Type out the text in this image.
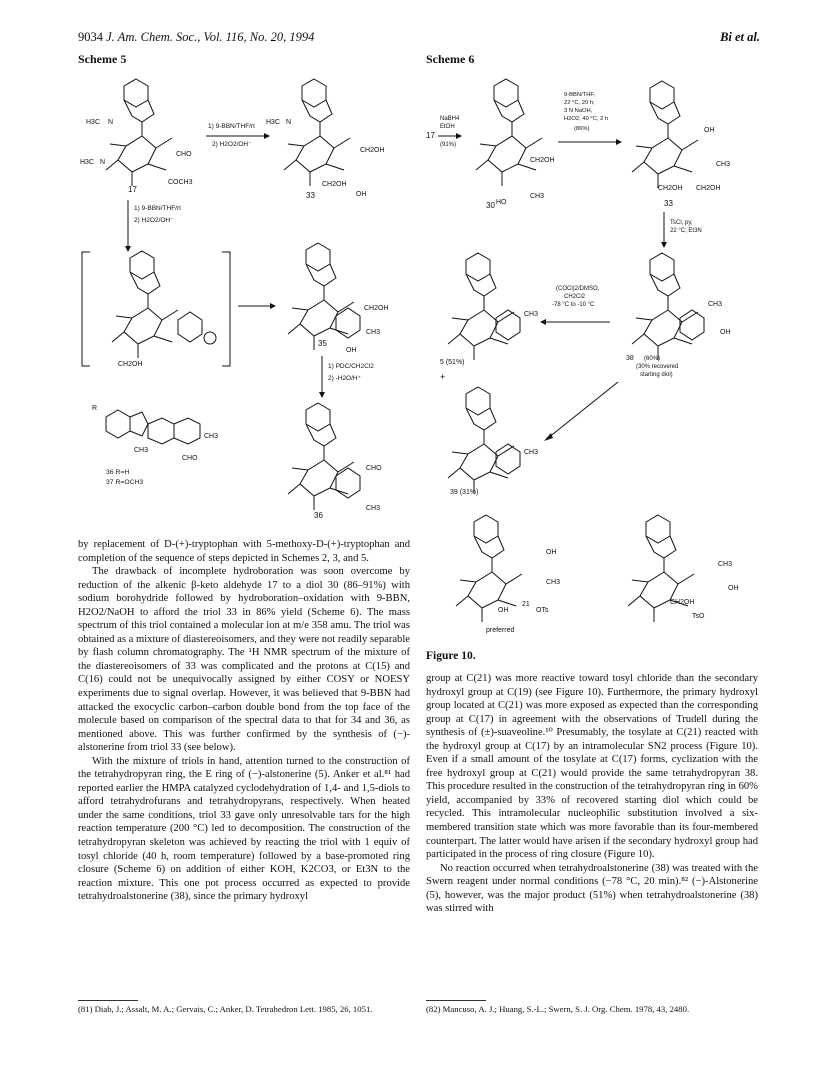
9034 J. Am. Chem. Soc., Vol. 116, No. 20, 1994	Bi et al.
Scheme 5	Scheme 6
H3C N
H3C N
CHO
COCH3
17
1) 9-BBN/THF/rt
2) H2O2/OH⁻
H3C N
CH2OH
CH2OH
OH
33
1) 9-BBN/THF/rt
2) H2O2/OH⁻
CH2OH
CH2OH
CH3
OH
35
1) PDC/CH2Cl2
2) -H2O/H⁺
R
CH3
CH3
CHO
36 R=H
37 R=OCH3
CHO
CH3
36
17
NaBH4
EtOH
(91%)
CH2OH
CH3
HO
30
9-BBN/THF,
22 °C, 20 h;
3 N NaOH,
H2O2, 40 °C, 2 h
(86%)	OH
CH3
CH2OH CH2OH
33
TsCl, py,
22 °C; Et3N
CH3
OH
38 (60%)
(30% recovered
starting diol)
(COCl)2/DMSO,
CH2Cl2
-78 °C to -10 °C
CH3
5 (51%)
+
CH3
39 (31%)
OH
CH3
21
OTs
OH
preferred
CH3
OH
CH2OH
TsO
Figure 10.

by replacement of D-(+)-tryptophan with 5-methoxy-D-(+)-tryptophan and completion of the sequence of steps depicted in Schemes 2, 3, and 5.

The drawback of incomplete hydroboration was soon overcome by reduction of the alkenic β-keto aldehyde 17 to a diol 30 (86–91%) with sodium borohydride followed by hydroboration–oxidation with 9-BBN, H2O2/NaOH to afford the triol 33 in 86% yield (Scheme 6). The mass spectrum of this triol contained a molecular ion at m/e 358 amu. The triol was obtained as a mixture of diastereoisomers, and they were not readily separable by flash column chromatography. The ¹H NMR spectrum of the mixture of the diastereoisomers of 33 was complicated and the protons at C(15) and C(16) could not be unequivocally assigned by either COSY or NOESY experiments due to signal overlap. However, it was believed that 9-BBN had attacked the exocyclic carbon–carbon double bond from the top face of the molecule based on comparison of the spectral data to that for 34 and 36, as mentioned above. This was further confirmed by the synthesis of (−)-alstonerine from triol 33 (see below).

With the mixture of triols in hand, attention turned to the construction of the tetrahydropyran ring, the E ring of (−)-alstonerine (5). Anker et al.⁸¹ had reported earlier the HMPA catalyzed cyclodehydration of 1,4- and 1,5-diols to afford tetrahydrofurans and tetrahydropyrans, respectively. When heated under the same conditions, triol 33 gave only unresolvable tars for the high reaction temperature (200 °C) led to decomposition. The construction of the tetrahydropyran skeleton was achieved by reacting the triol with 1 equiv of tosyl chloride (40 h, room temperature) followed by a base-promoted ring closure (Scheme 6) on addition of either KOH, K2CO3, or Et3N to the reaction mixture. This one pot process occurred as expected to provide tetrahydroalstonerine (38), since the primary hydroxyl

(81) Diab, J.; Assalt, M. A.; Gervais, C.; Anker, D. Tetrahedron Lett. 1985, 26, 1051.

group at C(21) was more reactive toward tosyl chloride than the secondary hydroxyl group at C(19) (see Figure 10). Furthermore, the primary hydroxyl group located at C(21) was more exposed as expected than the corresponding group at C(17) in agreement with the observations of Trudell during the synthesis of (±)-suaveoline.¹⁰ Presumably, the tosylate at C(21) reacted with the hydroxyl group at C(17) by an intramolecular SN2 process (Figure 10). Even if a small amount of the tosylate at C(17) forms, cyclization with the free hydroxyl group at C(21) would provide the same tetrahydropyran 38. This procedure resulted in the construction of the tetrahydropyran ring in 60% yield, accompanied by 33% of recovered starting diol which could be recycled. This intramolecular nucleophilic substitution involved a six-membered transition state which was more favorable than its four-membered counterpart. The latter would have arisen if the secondary hydroxyl group had participated in the process of ring closure (Figure 10).

No reaction occurred when tetrahydroalstonerine (38) was treated with the Swern reagent under normal conditions (−78 °C, 20 min).⁸² (−)-Alstonerine (5), however, was the major product (51%) when tetrahydroalstonerine (38) was stirred with

(82) Mancuso, A. J.; Huang, S.-L.; Swern, S. J. Org. Chem. 1978, 43, 2480.
